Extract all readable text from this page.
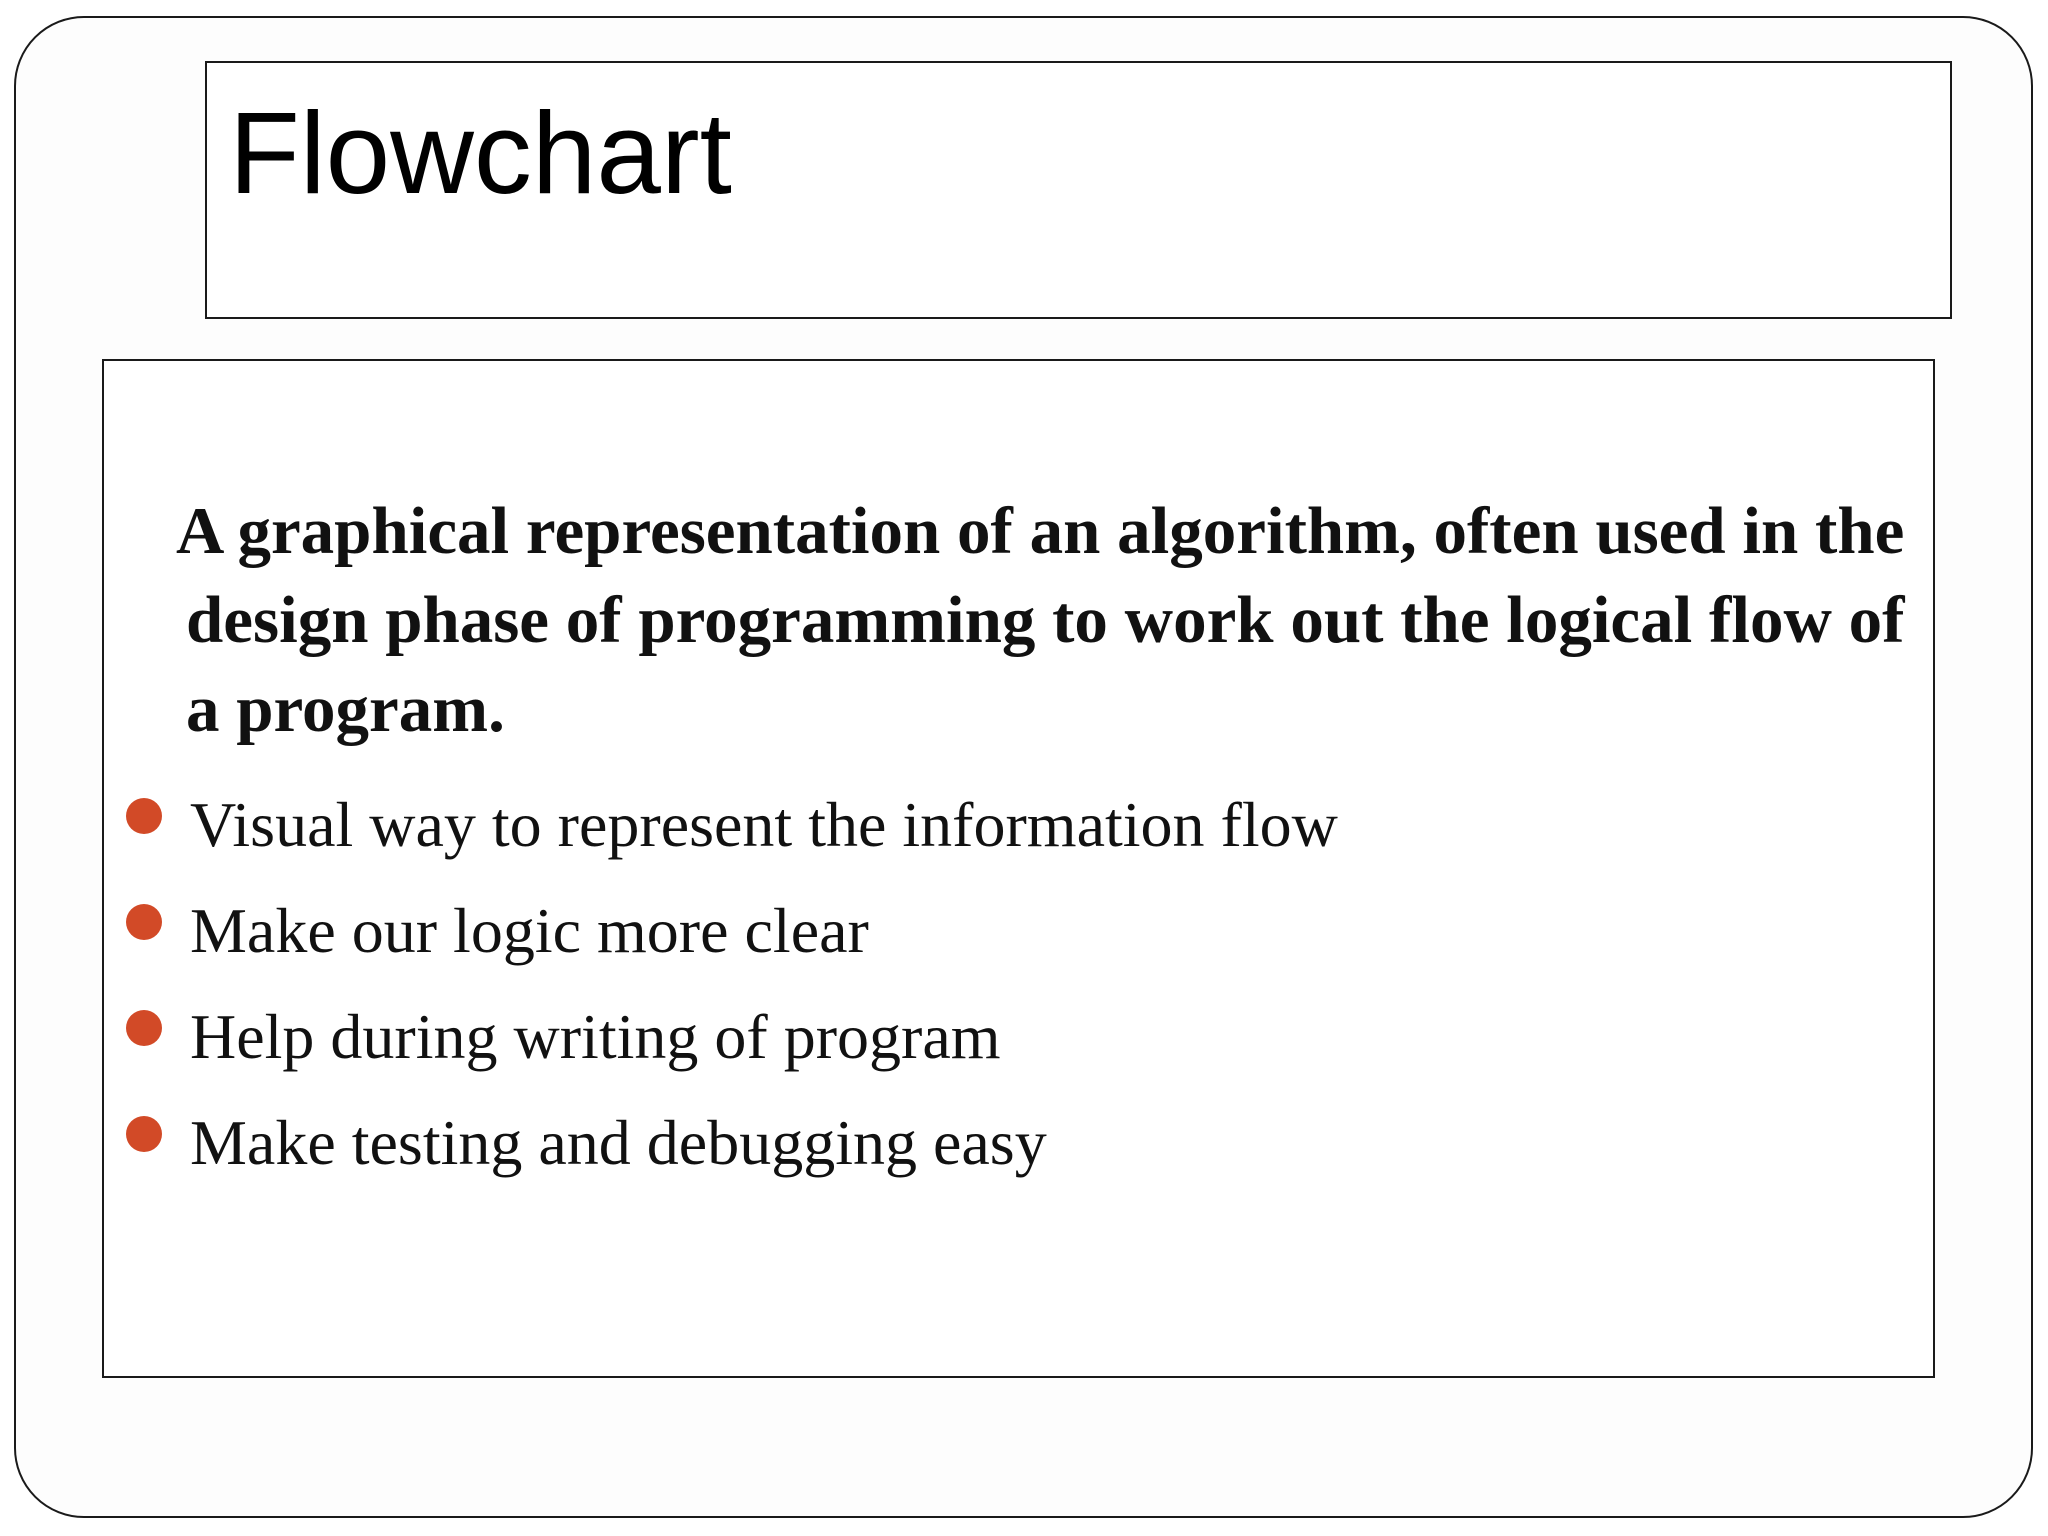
Flowchart

A graphical representation of an algorithm, often used in the design phase of programming to work out the logical flow of a program.

Visual way to represent the information flow
Make our logic more clear
Help during writing of program
Make testing and debugging easy
